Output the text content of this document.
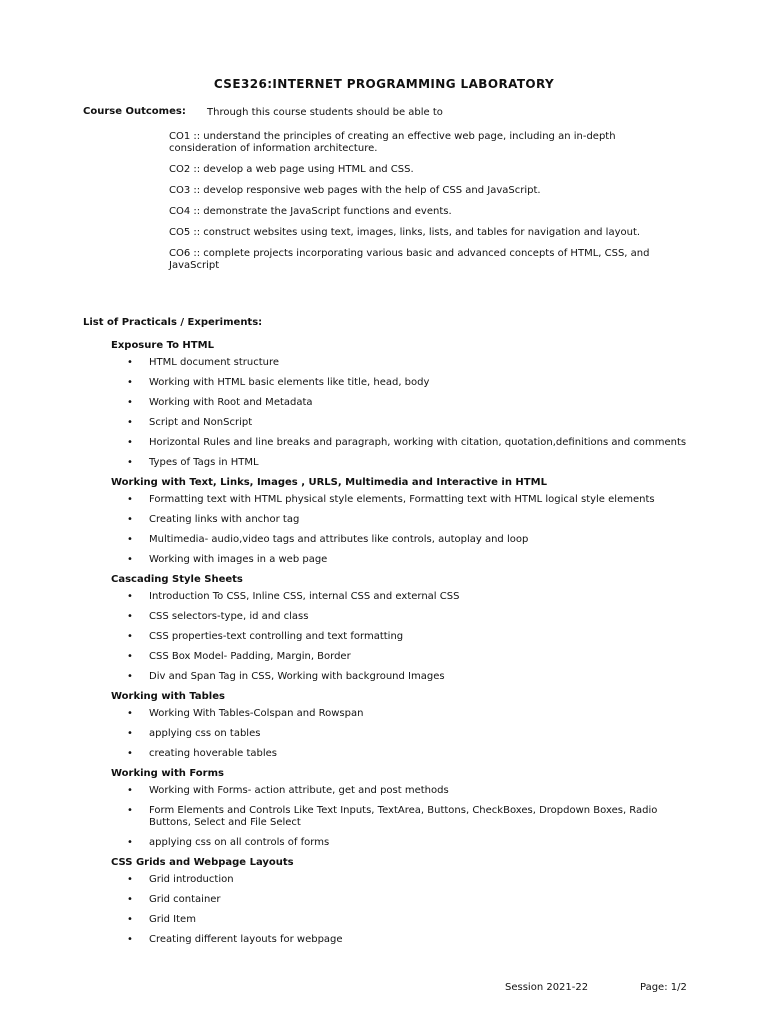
CSE326:INTERNET PROGRAMMING LABORATORY
Course Outcomes: Through this course students should be able to
CO1 :: understand the principles of creating an effective web page, including an in-depth consideration of information architecture.
CO2 :: develop a web page using HTML and CSS.
CO3 :: develop responsive web pages with the help of CSS and JavaScript.
CO4 :: demonstrate the JavaScript functions and events.
CO5 :: construct websites using text, images, links, lists, and tables for navigation and layout.
CO6 :: complete projects incorporating various basic and advanced concepts of HTML, CSS, and JavaScript
List of Practicals / Experiments:
Exposure To HTML
• HTML document structure
• Working with HTML basic elements like title, head, body
• Working with Root and Metadata
• Script and NonScript
• Horizontal Rules and line breaks and paragraph, working with citation, quotation,definitions and comments
• Types of Tags in HTML
Working with Text, Links, Images , URLS, Multimedia and Interactive in HTML
• Formatting text with HTML physical style elements, Formatting text with HTML logical style elements
• Creating links with anchor tag
• Multimedia- audio,video tags and attributes like controls, autoplay and loop
• Working with images in a web page
Cascading Style Sheets
• Introduction To CSS, Inline CSS, internal CSS and external CSS
• CSS selectors-type, id and class
• CSS properties-text controlling and text formatting
• CSS Box Model- Padding, Margin, Border
• Div and Span Tag in CSS, Working with background Images
Working with Tables
• Working With Tables-Colspan and Rowspan
• applying css on tables
• creating hoverable tables
Working with Forms
• Working with Forms- action attribute, get and post methods
• Form Elements and Controls Like Text Inputs, TextArea, Buttons, CheckBoxes, Dropdown Boxes, Radio Buttons, Select and File Select
• applying css on all controls of forms
CSS Grids and Webpage Layouts
• Grid introduction
• Grid container
• Grid Item
• Creating different layouts for webpage
Session 2021-22	Page: 1/2
